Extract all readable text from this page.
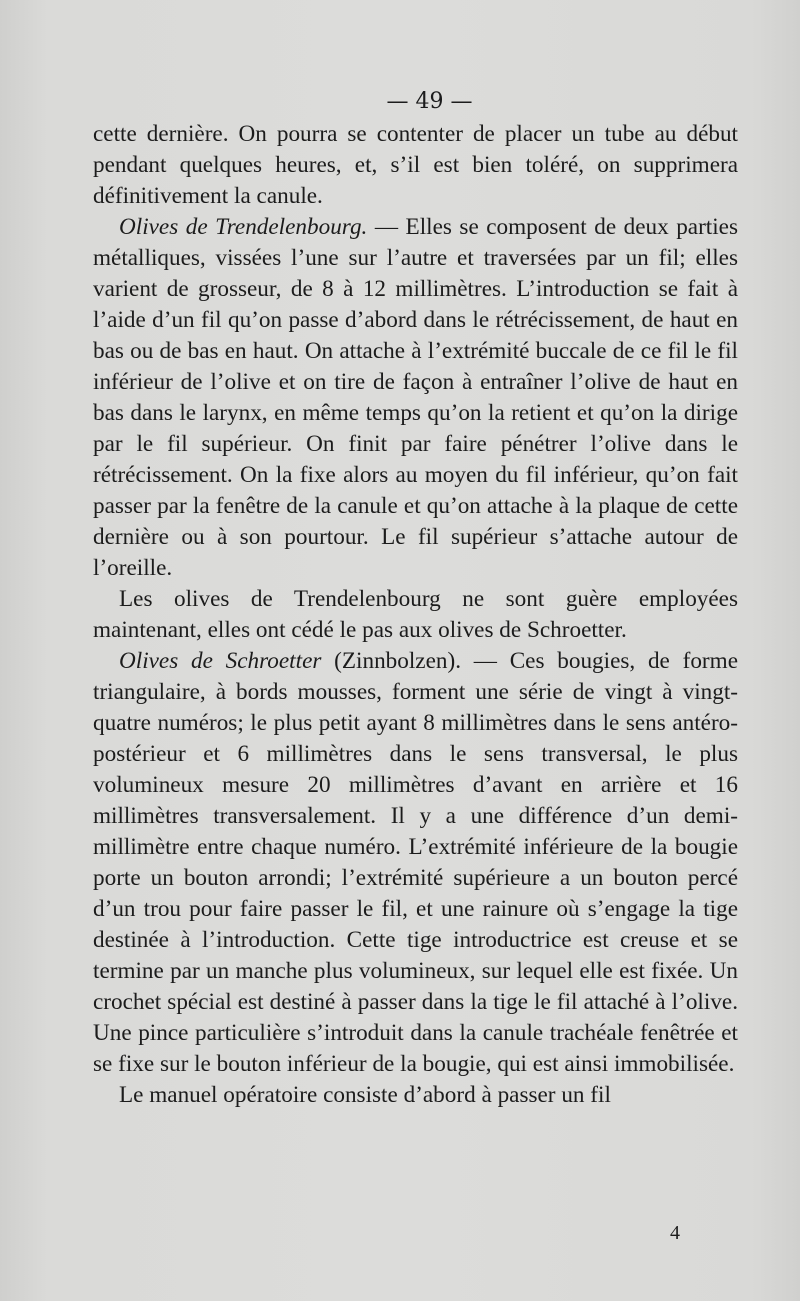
— 49 —

cette dernière. On pourra se contenter de placer un tube au début pendant quelques heures, et, s’il est bien toléré, on supprimera définitivement la canule.

Olives de Trendelenbourg. — Elles se composent de deux parties métalliques, vissées l’une sur l’autre et traversées par un fil; elles varient de grosseur, de 8 à 12 millimètres. L’introduction se fait à l’aide d’un fil qu’on passe d’abord dans le rétrécissement, de haut en bas ou de bas en haut. On attache à l’extrémité buccale de ce fil le fil inférieur de l’olive et on tire de façon à entraîner l’olive de haut en bas dans le larynx, en même temps qu’on la retient et qu’on la dirige par le fil supérieur. On finit par faire pénétrer l’olive dans le rétrécissement. On la fixe alors au moyen du fil inférieur, qu’on fait passer par la fenêtre de la canule et qu’on attache à la plaque de cette dernière ou à son pourtour. Le fil supérieur s’attache autour de l’oreille.

Les olives de Trendelenbourg ne sont guère employées maintenant, elles ont cédé le pas aux olives de Schroetter.

Olives de Schroetter (Zinnbolzen). — Ces bougies, de forme triangulaire, à bords mousses, forment une série de vingt à vingt-quatre numéros; le plus petit ayant 8 millimètres dans le sens antéro-postérieur et 6 millimètres dans le sens transversal, le plus volumineux mesure 20 millimètres d’avant en arrière et 16 millimètres transversalement. Il y a une différence d’un demi-millimètre entre chaque numéro. L’extrémité inférieure de la bougie porte un bouton arrondi; l’extrémité supérieure a un bouton percé d’un trou pour faire passer le fil, et une rainure où s’engage la tige destinée à l’introduction. Cette tige introductrice est creuse et se termine par un manche plus volumineux, sur lequel elle est fixée. Un crochet spécial est destiné à passer dans la tige le fil attaché à l’olive. Une pince particulière s’introduit dans la canule trachéale fenêtrée et se fixe sur le bouton inférieur de la bougie, qui est ainsi immobilisée.

Le manuel opératoire consiste d’abord à passer un fil

4
